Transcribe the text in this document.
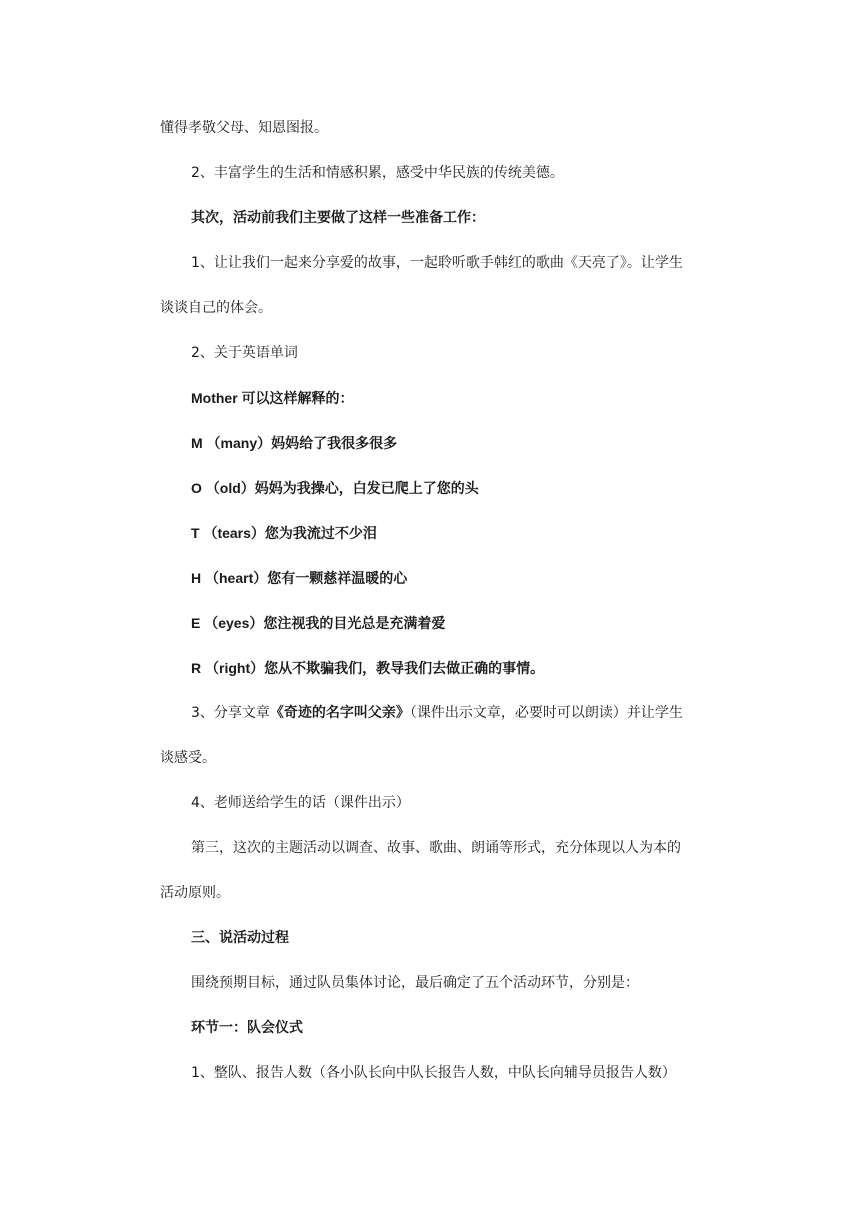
懂得孝敬父母、知恩图报。
2、丰富学生的生活和情感积累，感受中华民族的传统美德。
其次，活动前我们主要做了这样一些准备工作：
1、让让我们一起来分享爱的故事，一起聆听歌手韩红的歌曲《天亮了》。让学生
谈谈自己的体会。
2、关于英语单词
Mother 可以这样解释的：
M （many）妈妈给了我很多很多
O （old）妈妈为我操心，白发已爬上了您的头
T （tears）您为我流过不少泪
H （heart）您有一颗慈祥温暖的心
E （eyes）您注视我的目光总是充满着爱
R （right）您从不欺骗我们，教导我们去做正确的事情。
3、分享文章《奇迹的名字叫父亲》（课件出示文章，必要时可以朗读）并让学生
谈感受。
4、老师送给学生的话（课件出示）
第三，这次的主题活动以调查、故事、歌曲、朗诵等形式，充分体现以人为本的
活动原则。
三、说活动过程
围绕预期目标，通过队员集体讨论，最后确定了五个活动环节，分别是：
环节一：队会仪式
1、整队、报告人数（各小队长向中队长报告人数，中队长向辅导员报告人数）
